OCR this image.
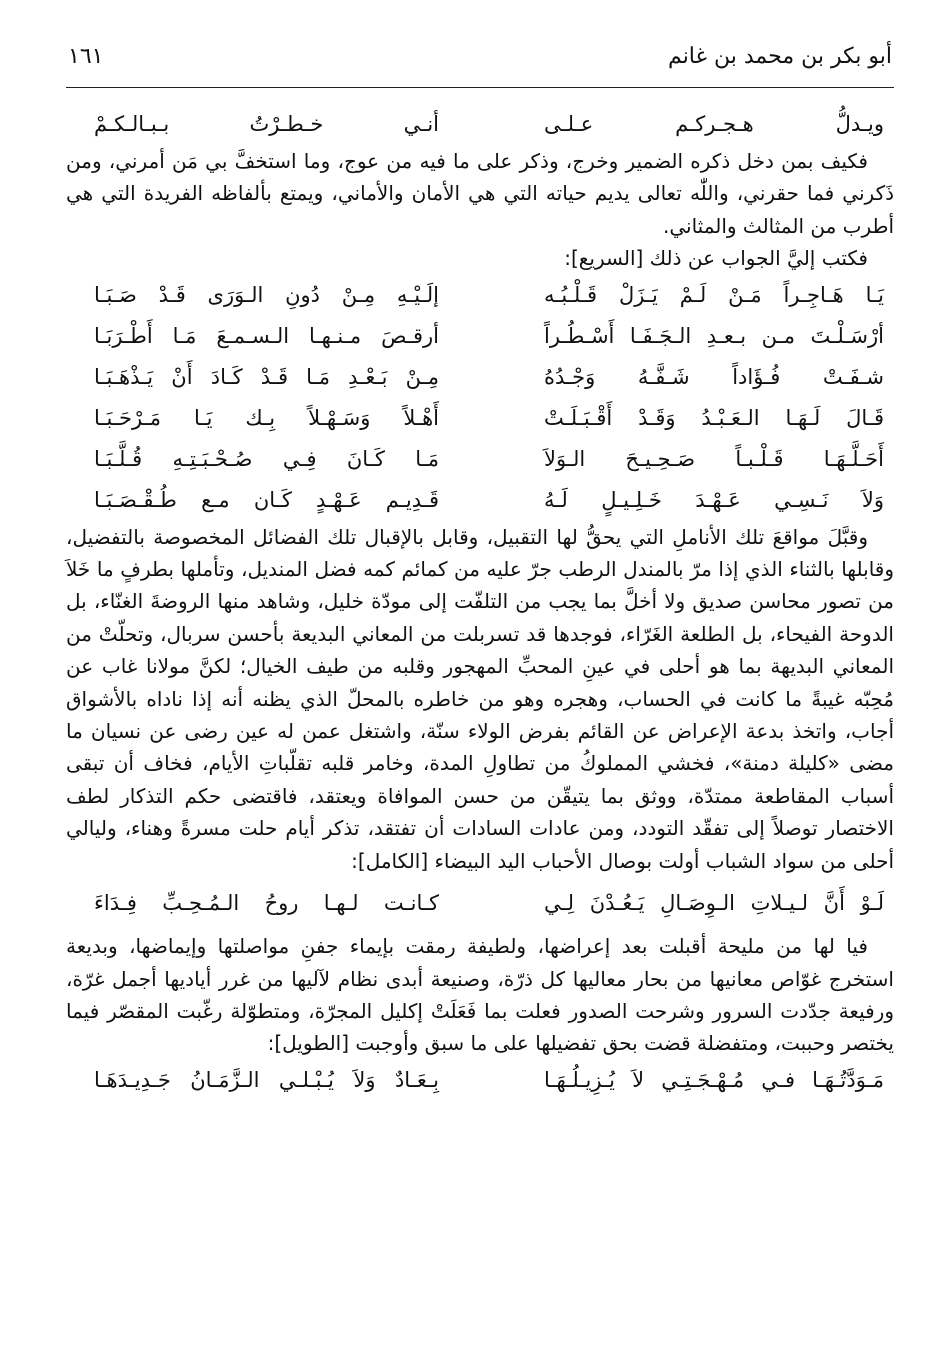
أبو بكر بن محمد بن غانم
١٦١
ويـدلُّ هـجـركـم عـلـى
أنـي خـطـرْتُ بـبـالـكـمْ

فكيف بمن دخل ذكره الضمير وخرج، وذكر على ما فيه من عوج، وما استخفَّ بي مَن أمرني، ومن ذَكرني فما حقرني، واللّٰه تعالى يديم حياته التي هي الأمان والأماني، ويمتع بألفاظه الفريدة التي هي أطرب من المثالث والمثاني.

فكتب إليَّ الجواب عن ذلك [السريع]:

يَـا هَـاجِـراً مَـنْ لَـمْ يَـزَلْ قَـلْـبُـه
إلَـيْـهِ مِـنْ دُونِ الـوَرَى قَـدْ صَـبَـا
أرْسَـلْـتَ مـن بـعـدِ الـجَـفَـا أَسْـطُـراً
أرقـصَ مـنـهـا الـسـمـعَ مَـا أَطْـرَبَـا
شـفَـتْ فُـؤَاداً شَـفَّـهُ وَجْـدُهُ
مِـنْ بَـعْـدِ مَـا قَـدْ كَـادَ أَنْ يَـذْهَـبَـا
قَـالَ لَـهَـا الـعَـبْـدُ وَقَـدْ أَقْـبَـلَـتْ
أَهْـلاً وَسَـهْـلاً بِـك يَـا مَـرْحَـبَـا
أَحَـلَّـهَـا قَـلْـبـاً صَـحِـيـحَ الـوَلاَ
مَـا كَـانَ فِـي صُـحْـبَـتِـهِ قُـلَّـبَـا
وَلاَ نَـسِـي عَـهْـدَ خَـلِـيـلٍ لَـهُ
قَـدِيـم عَـهْـدٍ كَـان مـع طُـقْـصَـبَـا

وقبَّلَ مواقعَ تلك الأناملِ التي يحقُّ لها التقبيل، وقابل بالإقبال تلك الفضائل المخصوصة بالتفضيل، وقابلها بالثناء الذي إذا مرّ بالمندل الرطب جرّ عليه من كمائم كمه فضل المنديل، وتأملها بطرفٍ ما خَلاَ من تصور محاسن صديق ولا أخلَّ بما يجب من التلفّت إلى مودّة خليل، وشاهد منها الروضةَ الغنّاء، بل الدوحة الفيحاء، بل الطلعة الغَرّاء، فوجدها قد تسربلت من المعاني البديعة بأحسن سربال، وتحلّتْ من المعاني البديهة بما هو أحلى في عينِ المحبِّ المهجور وقلبه من طيف الخيال؛ لكنَّ مولانا غاب عن مُحِبّه غيبةً ما كانت في الحساب، وهجره وهو من خاطره بالمحلّ الذي يظنه أنه إذا ناداه بالأشواق أجاب، واتخذ بدعة الإعراض عن القائم بفرض الولاء سنّة، واشتغل عمن له عين رضى عن نسيان ما مضى «كليلة دمنة»، فخشي المملوكُ من تطاولِ المدة، وخامر قلبه تقلّباتِ الأيام، فخاف أن تبقى أسباب المقاطعة ممتدّة، ووثق بما يتيقّن من حسن الموافاة ويعتقد، فاقتضى حكم التذكار لطف الاختصار توصلاً إلى تفقّد التودد، ومن عادات السادات أن تفتقد، تذكر أيام حلت مسرةً وهناء، وليالي أحلى من سواد الشباب أولت بوصال الأحباب اليد البيضاء [الكامل]:

لَـوْ أَنَّ لـيـلاتِ الـوِصَـالِ يَـعُـدْنَ لِـي
كـانـت لـهـا روحُ الـمُـحِـبِّ فِـدَاءَ

فيا لها من مليحة أقبلت بعد إعراضها، ولطيفة رمقت بإيماء جفنِ مواصلتها وإيماضها، وبديعة استخرج غوّاص معانيها من بحار معاليها كل ذرّة، وصنيعة أبدى نظام لآليها من غرر أياديها أجمل غرّة، ورفيعة جدّدت السرور وشرحت الصدور فعلت بما فَعَلَتْ إكليل المجرّة، ومتطوّلة رغّبت المقصّر فيما يختصر وحببت، ومتفضلة قضت بحق تفضيلها على ما سبق وأوجبت [الطويل]:

مَـوَدَّتُـهَـا فـي مُـهْـجَـتِـي لاَ يُـزِيـلُـهَـا
بِـعَـادٌ وَلاَ يُـبْـلـي الـزَّمَـانُ جَـدِيـدَهَـا
